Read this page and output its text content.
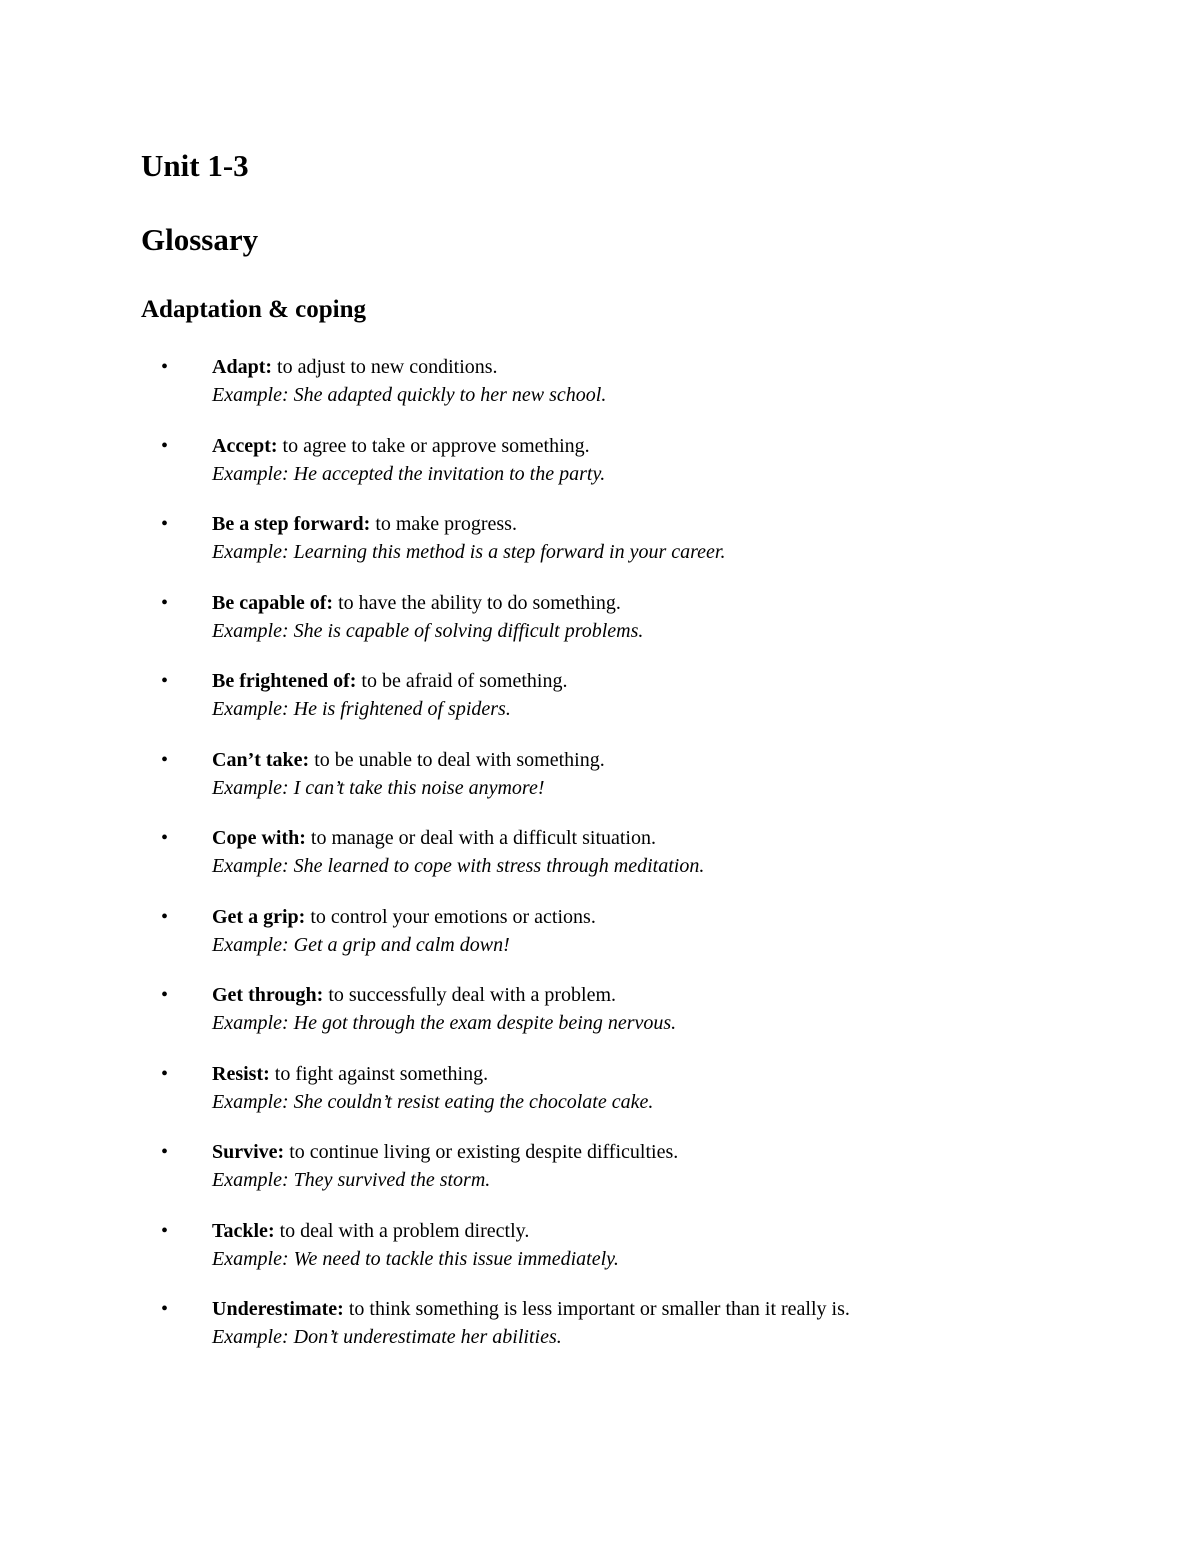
Unit 1-3
Glossary
Adaptation & coping
• Adapt: to adjust to new conditions.
Example: She adapted quickly to her new school.
• Accept: to agree to take or approve something.
Example: He accepted the invitation to the party.
• Be a step forward: to make progress.
Example: Learning this method is a step forward in your career.
• Be capable of: to have the ability to do something.
Example: She is capable of solving difficult problems.
• Be frightened of: to be afraid of something.
Example: He is frightened of spiders.
• Can’t take: to be unable to deal with something.
Example: I can’t take this noise anymore!
• Cope with: to manage or deal with a difficult situation.
Example: She learned to cope with stress through meditation.
• Get a grip: to control your emotions or actions.
Example: Get a grip and calm down!
• Get through: to successfully deal with a problem.
Example: He got through the exam despite being nervous.
• Resist: to fight against something.
Example: She couldn’t resist eating the chocolate cake.
• Survive: to continue living or existing despite difficulties.
Example: They survived the storm.
• Tackle: to deal with a problem directly.
Example: We need to tackle this issue immediately.
• Underestimate: to think something is less important or smaller than it really is.
Example: Don’t underestimate her abilities.
